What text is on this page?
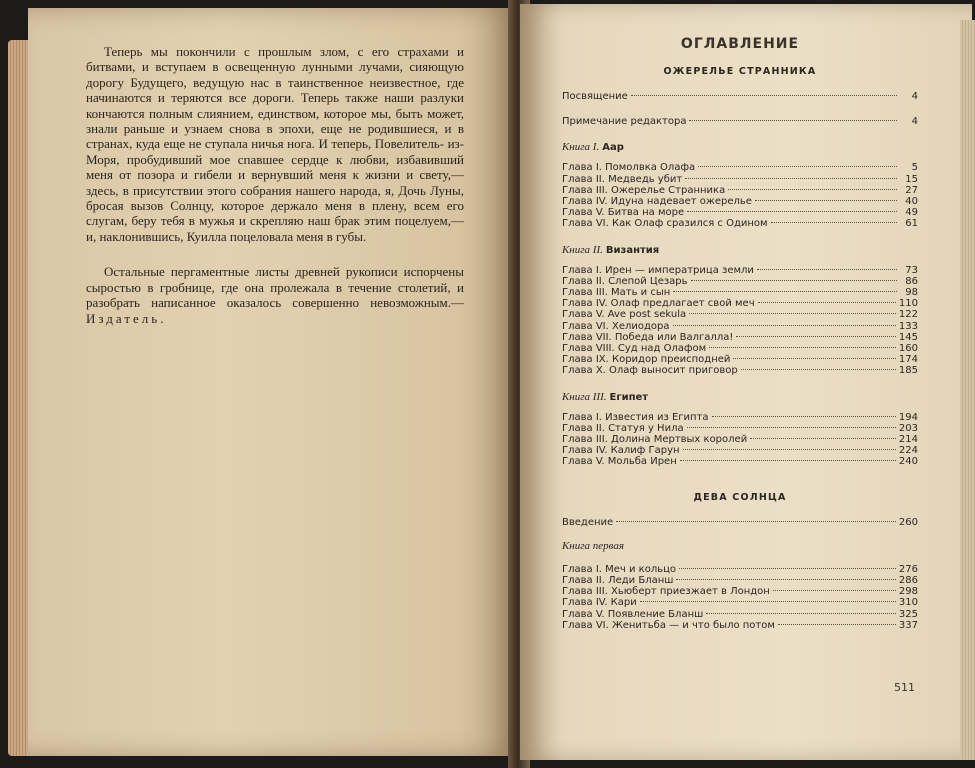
Теперь мы покончили с прошлым злом, с его страхами и битвами, и вступаем в освещенную лунными лучами, сияющую дорогу Будущего, ведущую нас в таинственное неизвестное, где начинаются и теряются все дороги. Теперь также наши разлуки кончаются полным слиянием, единством, которое мы, быть может, знали раньше и узнаем снова в эпохи, еще не родившиеся, и в странах, куда еще не ступала ничья нога. И теперь, Повелитель- из-Моря, пробудивший мое спавшее сердце к любви, избавивший меня от позора и гибели и вернувший меня к жизни и свету,— здесь, в присутствии этого собрания нашего народа, я, Дочь Луны, бросая вызов Солнцу, которое держало меня в плену, всем его слугам, беру тебя в мужья и скрепляю наш брак этим поцелуем,— и, наклонившись, Куилла поцеловала меня в губы.

Остальные пергаментные листы древней рукописи испорчены сыростью в гробнице, где она пролежала в течение столетий, и разобрать написанное оказалось совершенно невозможным.— Издатель.

ОГЛАВЛЕНИЕ
ОЖЕРЕЛЬЕ СТРАННИКА
Посвящение	4
Примечание редактора	4
Книга I. Аар
Глава I. Помолвка Олафа	5
Глава II. Медведь убит	15
Глава III. Ожерелье Странника	27
Глава IV. Идуна надевает ожерелье	40
Глава V. Битва на море	49
Глава VI. Как Олаф сразился с Одином	61
Книга II. Византия
Глава I. Ирен — императрица земли	73
Глава II. Слепой Цезарь	86
Глава III. Мать и сын	98
Глава IV. Олаф предлагает свой меч	110
Глава V. Ave post sekula	122
Глава VI. Хелиодора	133
Глава VII. Победа или Валгалла!	145
Глава VIII. Суд над Олафом	160
Глава IX. Коридор преисподней	174
Глава X. Олаф выносит приговор	185
Книга III. Египет
Глава I. Известия из Египта	194
Глава II. Статуя у Нила	203
Глава III. Долина Мертвых королей	214
Глава IV. Калиф Гарун	224
Глава V. Мольба Ирен	240
ДЕВА СОЛНЦА
Введение	260
Книга первая
Глава I. Меч и кольцо	276
Глава II. Леди Бланш	286
Глава III. Хьюберт приезжает в Лондон	298
Глава IV. Кари	310
Глава V. Появление Бланш	325
Глава VI. Женитьба — и что было потом	337
511
